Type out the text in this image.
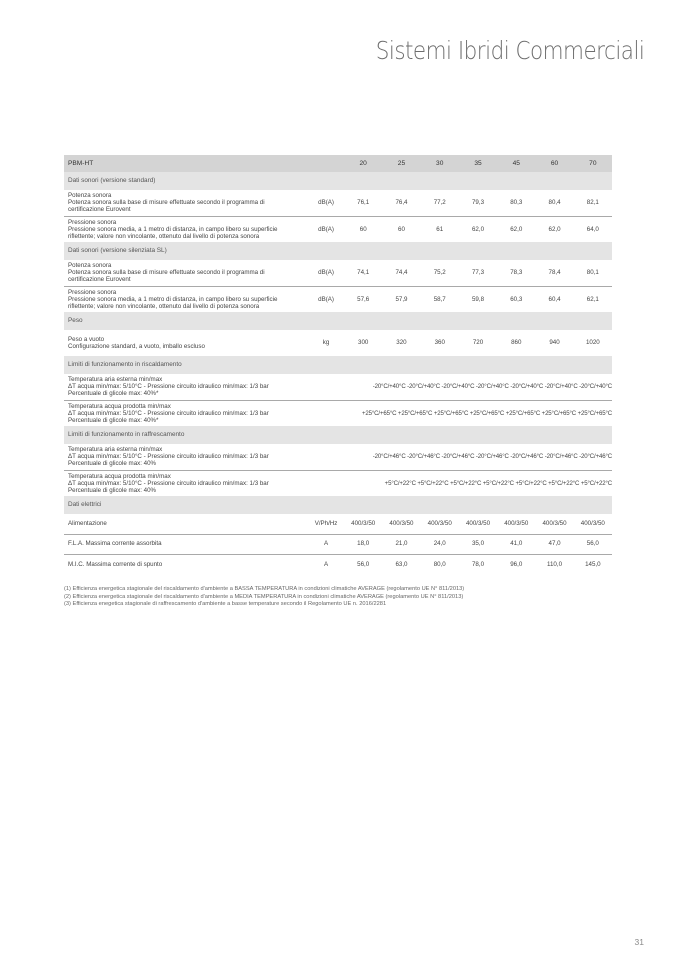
Sistemi Ibridi Commerciali
PBM-HT		20	25	30	35	45	60	70
Dati sonori (versione standard)								

Potenza sonora
Potenza sonora sulla base di misure effettuate secondo il programma di
certificazione Eurovent	dB(A)	76,1	76,4	77,2	79,3	80,3	80,4	82,1

Pressione sonora
Pressione sonora media, a 1 metro di distanza, in campo libero su superficie
riflettente; valore non vincolante, ottenuto dal livello di potenza sonora	dB(A)	60	60	61	62,0	62,0	62,0	64,0
Dati sonori (versione silenziata SL)								

Potenza sonora
Potenza sonora sulla base di misure effettuate secondo il programma di
certificazione Eurovent	dB(A)	74,1	74,4	75,2	77,3	78,3	78,4	80,1

Pressione sonora
Pressione sonora media, a 1 metro di distanza, in campo libero su superficie
riflettente; valore non vincolante, ottenuto dal livello di potenza sonora	dB(A)	57,6	57,9	58,7	59,8	60,3	60,4	62,1
Peso								

Peso a vuoto
Configurazione standard, a vuoto, imballo escluso	kg	300	320	360	720	860	940	1020
Limiti di funzionamento in riscaldamento								

Temperatura aria esterna min/max
ΔT acqua min/max: 5/10°C - Pressione circuito idraulico min/max: 1/3 bar
Percentuale di glicole max: 40%*		-20°C/+40°C -20°C/+40°C -20°C/+40°C -20°C/+40°C -20°C/+40°C -20°C/+40°C -20°C/+40°C						

Temperatura acqua prodotta min/max
ΔT acqua min/max: 5/10°C - Pressione circuito idraulico min/max: 1/3 bar
Percentuale di glicole max: 40%*		+25°C/+65°C +25°C/+65°C +25°C/+65°C +25°C/+65°C +25°C/+65°C +25°C/+65°C +25°C/+65°C						
Limiti di funzionamento in raffrescamento								

Temperatura aria esterna min/max
ΔT acqua min/max: 5/10°C - Pressione circuito idraulico min/max: 1/3 bar
Percentuale di glicole max: 40%		-20°C/+46°C -20°C/+46°C -20°C/+46°C -20°C/+46°C -20°C/+46°C -20°C/+46°C -20°C/+46°C						

Temperatura acqua prodotta min/max
ΔT acqua min/max: 5/10°C - Pressione circuito idraulico min/max: 1/3 bar
Percentuale di glicole max: 40%		+5°C/+22°C +5°C/+22°C +5°C/+22°C +5°C/+22°C +5°C/+22°C +5°C/+22°C +5°C/+22°C						
Dati elettrici								

Alimentazione	V/Ph/Hz	400/3/50	400/3/50	400/3/50	400/3/50	400/3/50	400/3/50	400/3/50

F.L.A. Massima corrente assorbita	A	18,0	21,0	24,0	35,0	41,0	47,0	56,0

M.I.C. Massima corrente di spunto	A	56,0	63,0	80,0	78,0	96,0	110,0	145,0
(1) Efficienza energetica stagionale del riscaldamento d'ambiente a BASSA TEMPERATURA in condizioni climatiche AVERAGE (regolamento UE N° 811/2013)
(2) Efficienza energetica stagionale del riscaldamento d'ambiente a MEDIA TEMPERATURA in condizioni climatiche AVERAGE (regolamento UE N° 811/2013)
(3) Efficienza enegetica stagionale di raffrescamento d'ambiente a basse temperature secondo il Regolamento UE n. 2016/2281
31
